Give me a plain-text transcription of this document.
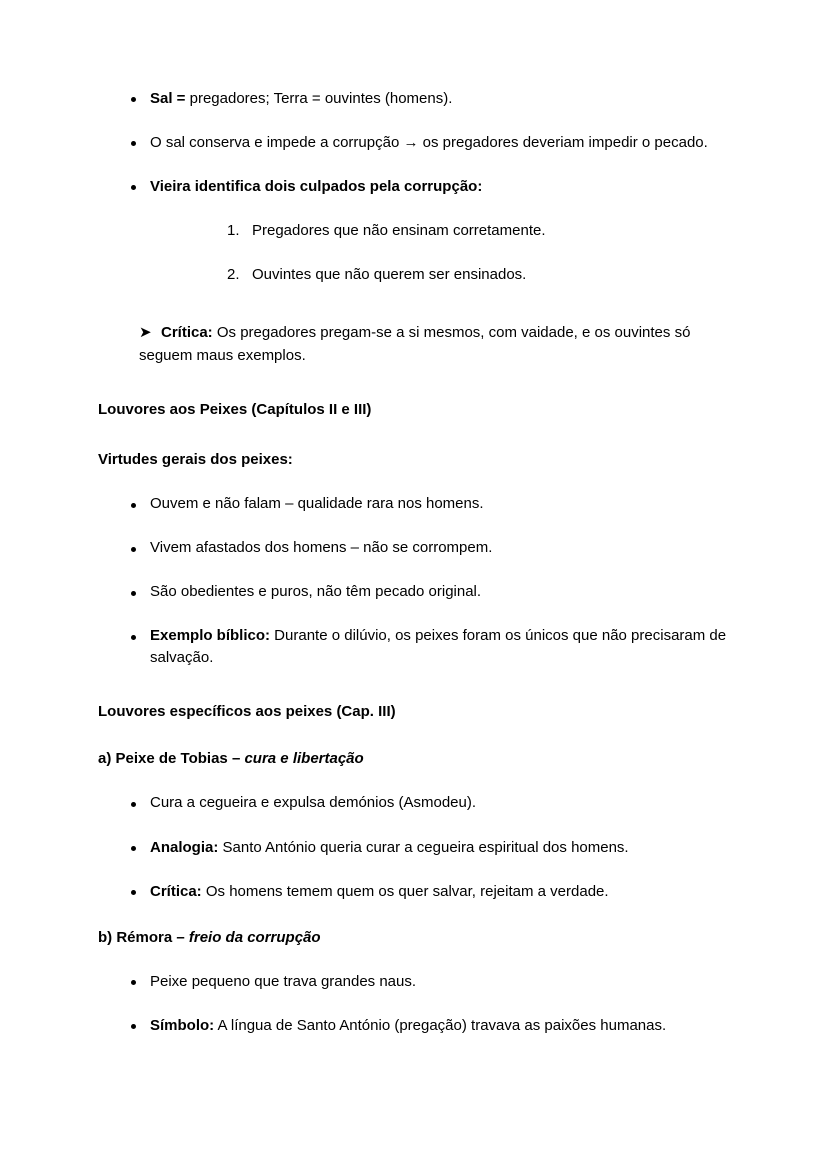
Sal = pregadores; Terra = ouvintes (homens).
O sal conserva e impede a corrupção → os pregadores deveriam impedir o pecado.
Vieira identifica dois culpados pela corrupção:
1. Pregadores que não ensinam corretamente.
2. Ouvintes que não querem ser ensinados.
➤ Crítica: Os pregadores pregam-se a si mesmos, com vaidade, e os ouvintes só seguem maus exemplos.
Louvores aos Peixes (Capítulos II e III)
Virtudes gerais dos peixes:
Ouvem e não falam – qualidade rara nos homens.
Vivem afastados dos homens – não se corrompem.
São obedientes e puros, não têm pecado original.
Exemplo bíblico: Durante o dilúvio, os peixes foram os únicos que não precisaram de salvação.
Louvores específicos aos peixes (Cap. III)
a) Peixe de Tobias – cura e libertação
Cura a cegueira e expulsa demónios (Asmodeu).
Analogia: Santo António queria curar a cegueira espiritual dos homens.
Crítica: Os homens temem quem os quer salvar, rejeitam a verdade.
b) Rémora – freio da corrupção
Peixe pequeno que trava grandes naus.
Símbolo: A língua de Santo António (pregação) travava as paixões humanas.
